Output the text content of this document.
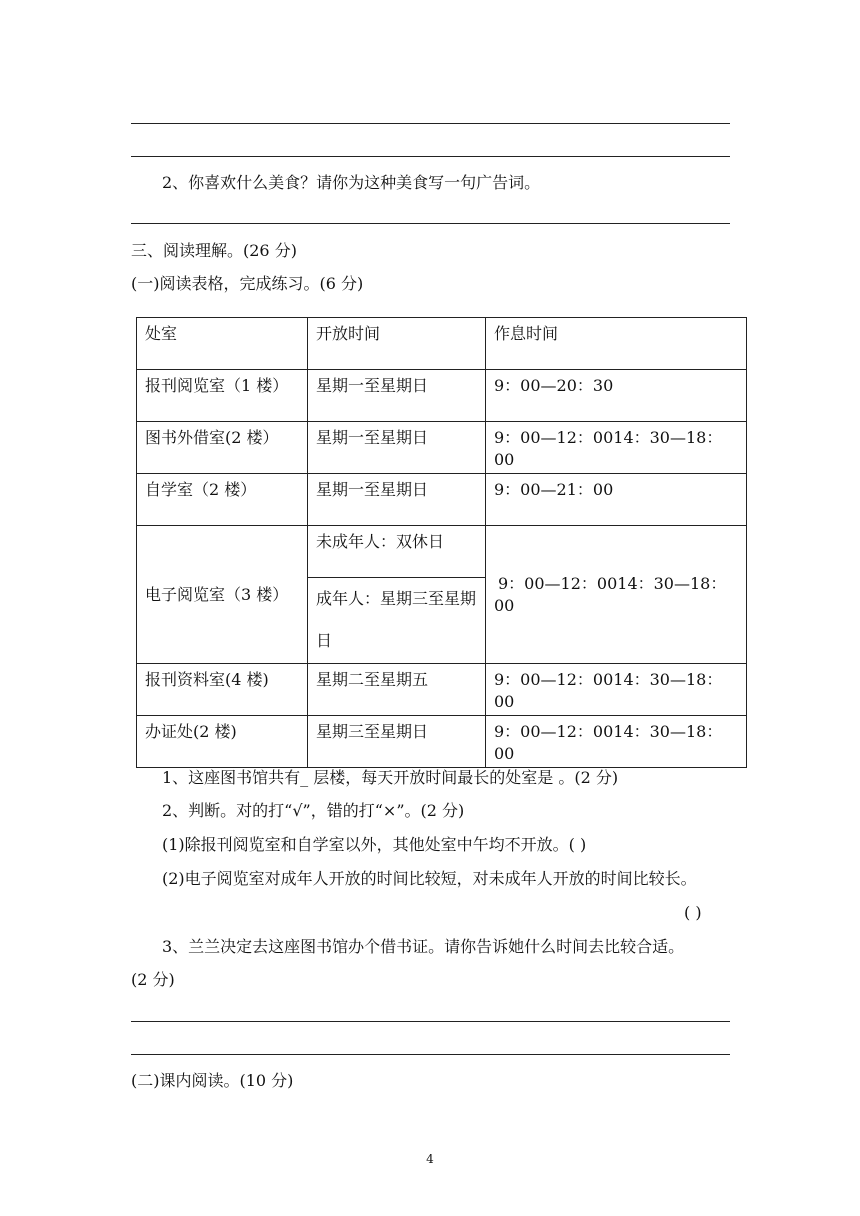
2、你喜欢什么美食？请你为这种美食写一句广告词。
三、阅读理解。(26 分)
(一)阅读表格，完成练习。(6 分)
处室	开放时间	作息时间

报刊阅览室（1 楼）	星期一至星期日	9：00—20：30

图书外借室(2 楼）	星期一至星期日	9：00—12：0014：30—18：00

自学室（2 楼）	星期一至星期日	9：00—21：00

电子阅览室（3 楼）	未成年人：双休日	9：00—12：0014：30—18：00

	成年人：星期三至星期日	

报刊资料室(4 楼)	星期二至星期五	9：00—12：0014：30—18：00

办证处(2 楼)	星期三至星期日	9：00—12：0014：30—18：00
1、这座图书馆共有_ 层楼，每天开放时间最长的处室是 。(2 分)
2、判断。对的打“√”，错的打“×”。(2 分)
(1)除报刊阅览室和自学室以外，其他处室中午均不开放。( )
(2)电子阅览室对成年人开放的时间比较短，对未成年人开放的时间比较长。
( )
3、兰兰决定去这座图书馆办个借书证。请你告诉她什么时间去比较合适。
(2 分)
(二)课内阅读。(10 分)
4
